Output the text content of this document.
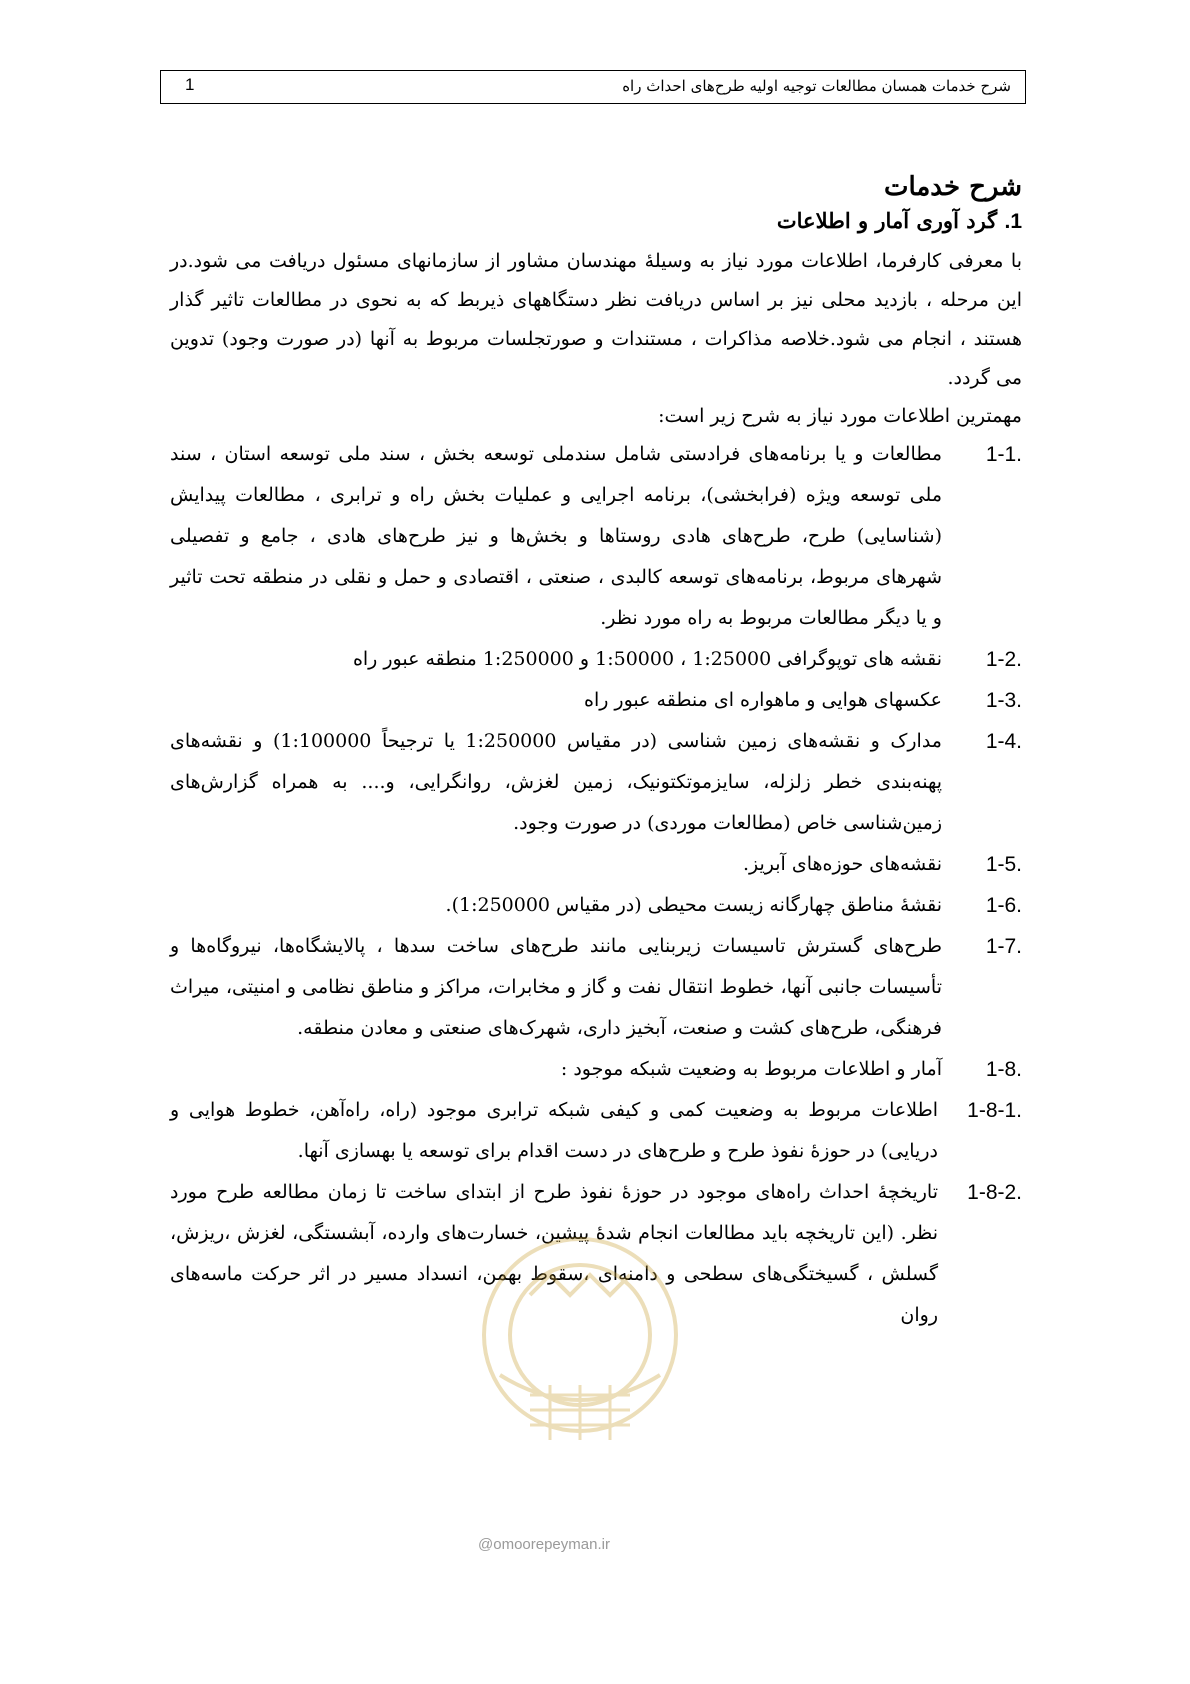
شرح خدمات همسان مطالعات توجیه اولیه طرح‌های احداث راه
1
شرح خدمات
1. گرد آوری آمار و اطلاعات

با معرفی کارفرما، اطلاعات مورد نیاز به وسیلهٔ مهندسان مشاور از سازمانهای مسئول دریافت می شود.در این مرحله ، بازدید محلی نیز بر اساس دریافت نظر دستگاههای ذیربط که به نحوی در مطالعات تاثیر گذار هستند ، انجام می شود.خلاصه مذاکرات ، مستندات و صورتجلسات مربوط به آنها (در صورت وجود) تدوین می گردد.

مهمترین اطلاعات مورد نیاز به شرح زیر است:

1-1.
مطالعات و یا برنامه‌های فرادستی شامل سندملی توسعه بخش ، سند ملی توسعه استان ، سند ملی توسعه ویژه (فرابخشی)، برنامه اجرایی و عملیات بخش راه و ترابری ، مطالعات پیدایش (شناسایی) طرح، طرح‌های هادی روستاها و بخش‌ها و نیز طرح‌های هادی ، جامع و تفصیلی شهرهای مربوط، برنامه‌های توسعه کالبدی ، صنعتی ، اقتصادی و حمل و نقلی در منطقه تحت تاثیر و یا دیگر مطالعات مربوط به راه مورد نظر.
1-2.
نقشه های توپوگرافی 1:25000 ، 1:50000 و 1:250000 منطقه عبور راه
1-3.
عکسهای هوایی و ماهواره ای منطقه عبور راه
1-4.
مدارک و نقشه‌های زمین شناسی (در مقیاس 1:250000 یا ترجیحاً 1:100000) و نقشه‌های پهنه‌بندی خطر زلزله، سایزموتکتونیک، زمین لغزش، روانگرایی، و.... به همراه گزارش‌های زمین‌شناسی خاص (مطالعات موردی) در صورت وجود.
1-5.
نقشه‌های حوزه‌های آبریز.
1-6.
نقشهٔ مناطق چهارگانه زیست محیطی (در مقیاس 1:250000).
1-7.
طرح‌های گسترش تاسیسات زیربنایی مانند طرح‌های ساخت سدها ، پالایشگاه‌ها، نیروگاه‌ها و تأسیسات جانبی آنها، خطوط انتقال نفت و گاز و مخابرات، مراکز و مناطق نظامی و امنیتی، میراث فرهنگی، طرح‌های کشت و صنعت، آبخیز داری، شهرک‌های صنعتی و معادن منطقه.
1-8.
آمار و اطلاعات مربوط به وضعیت شبکه موجود :
1-8-1.
اطلاعات مربوط به وضعیت کمی و کیفی شبکه ترابری موجود (راه، راه‌آهن، خطوط هوایی و دریایی) در حوزهٔ نفوذ طرح و طرح‌های در دست اقدام برای توسعه یا بهسازی آنها.
1-8-2.
تاریخچهٔ احداث راه‌های موجود در حوزهٔ نفوذ طرح از ابتدای ساخت تا زمان مطالعه طرح مورد نظر. (این تاریخچه باید مطالعات انجام شدهٔ پیشین، خسارت‌های وارده، آبشستگی، لغزش ،ریزش، گسلش ، گسیختگی‌های سطحی و دامنه‌ای ،سقوط بهمن، انسداد مسیر در اثر حرکت ماسه‌های روان
@omoorepeyman.ir
